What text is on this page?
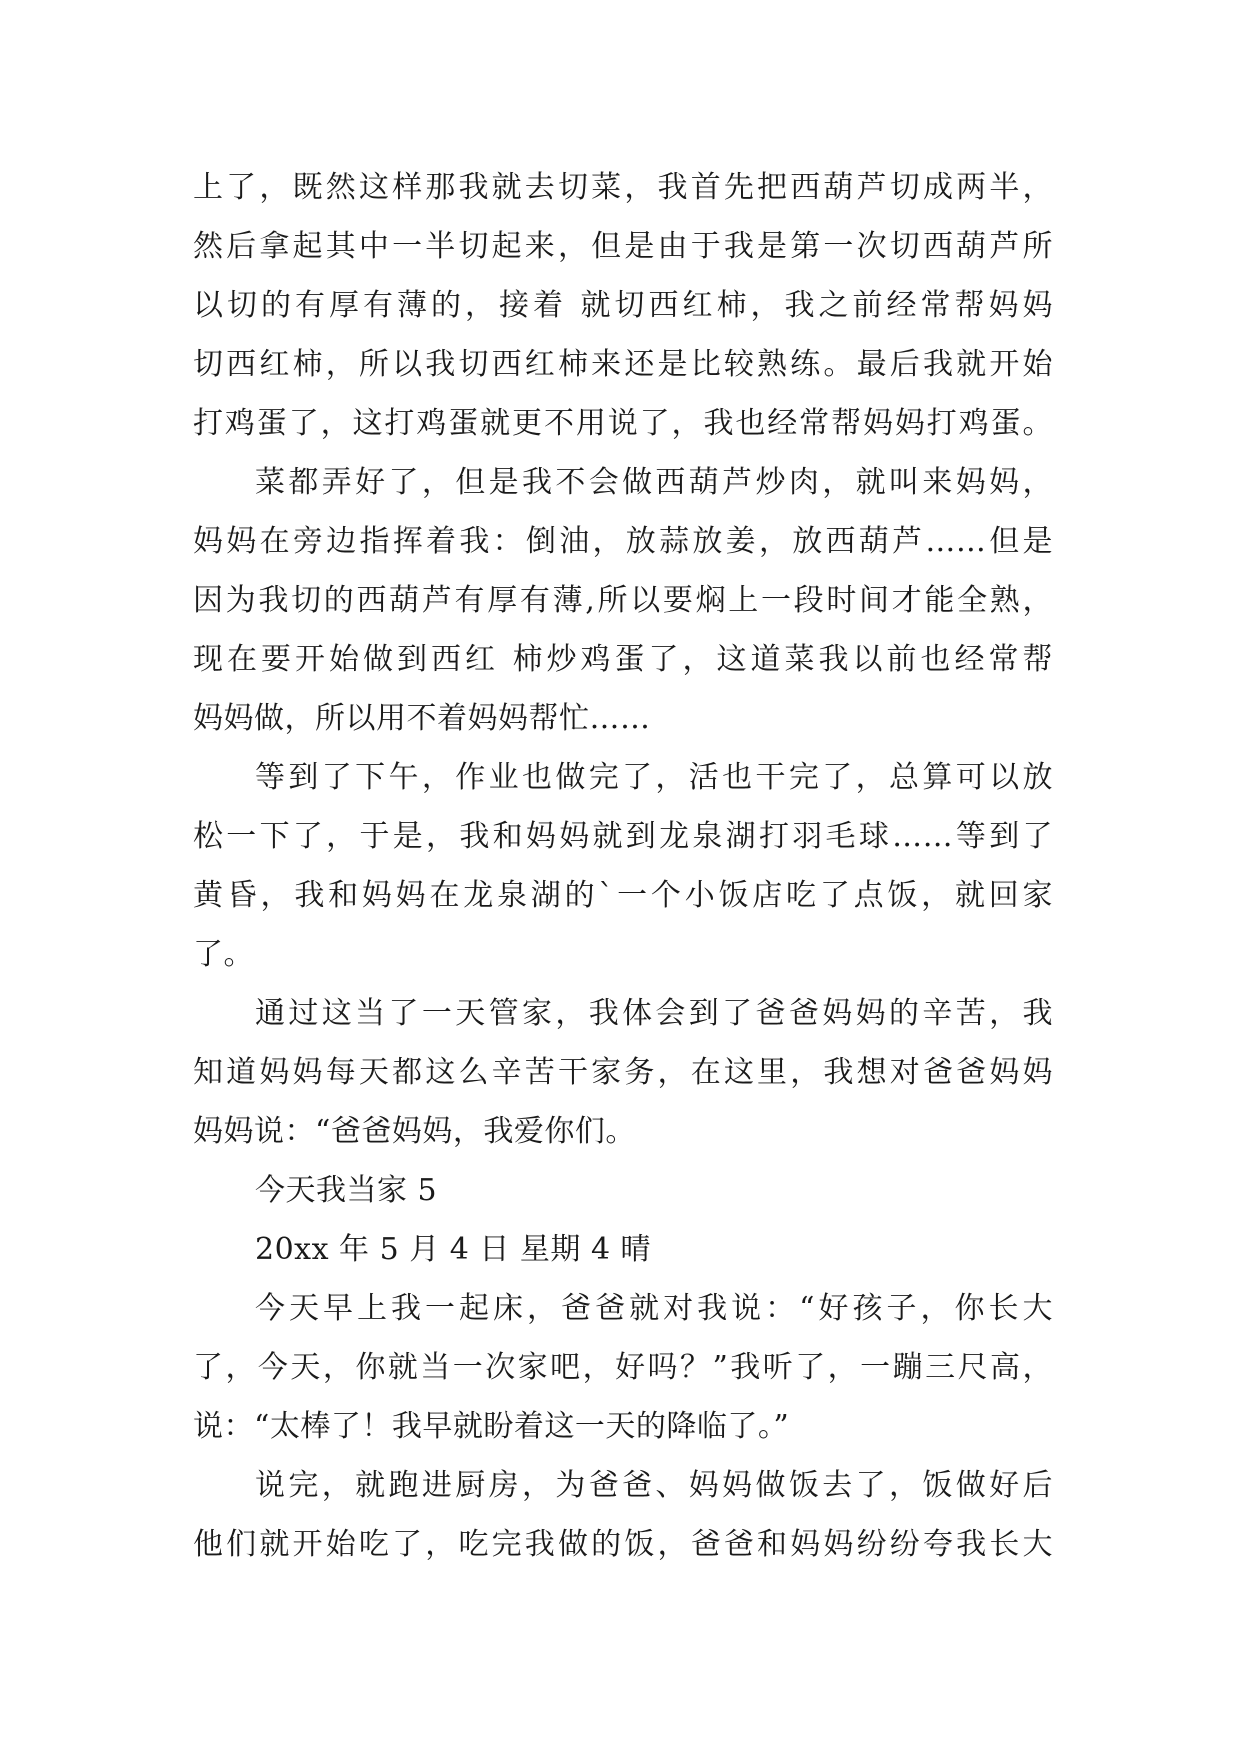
上了，既然这样那我就去切菜，我首先把西葫芦切成两半，
然后拿起其中一半切起来，但是由于我是第一次切西葫芦所
以切的有厚有薄的，接着 就切西红柿，我之前经常帮妈妈
切西红柿，所以我切西红柿来还是比较熟练。最后我就开始
打鸡蛋了，这打鸡蛋就更不用说了，我也经常帮妈妈打鸡蛋。
菜都弄好了，但是我不会做西葫芦炒肉，就叫来妈妈，
妈妈在旁边指挥着我：倒油，放蒜放姜，放西葫芦……但是
因为我切的西葫芦有厚有薄,所以要焖上一段时间才能全熟，
现在要开始做到西红 柿炒鸡蛋了，这道菜我以前也经常帮
妈妈做，所以用不着妈妈帮忙……
等到了下午，作业也做完了，活也干完了，总算可以放
松一下了，于是，我和妈妈就到龙泉湖打羽毛球……等到了
黄昏，我和妈妈在龙泉湖的`一个小饭店吃了点饭，就回家
了。
通过这当了一天管家，我体会到了爸爸妈妈的辛苦，我
知道妈妈每天都这么辛苦干家务，在这里，我想对爸爸妈妈
妈妈说：“爸爸妈妈，我爱你们。
今天我当家 5
20xx 年 5 月 4 日 星期 4 晴
今天早上我一起床，爸爸就对我说：“好孩子，你长大
了，今天，你就当一次家吧，好吗？”我听了，一蹦三尺高，
说：“太棒了！我早就盼着这一天的降临了。”
说完，就跑进厨房，为爸爸、妈妈做饭去了，饭做好后
他们就开始吃了，吃完我做的饭，爸爸和妈妈纷纷夸我长大
